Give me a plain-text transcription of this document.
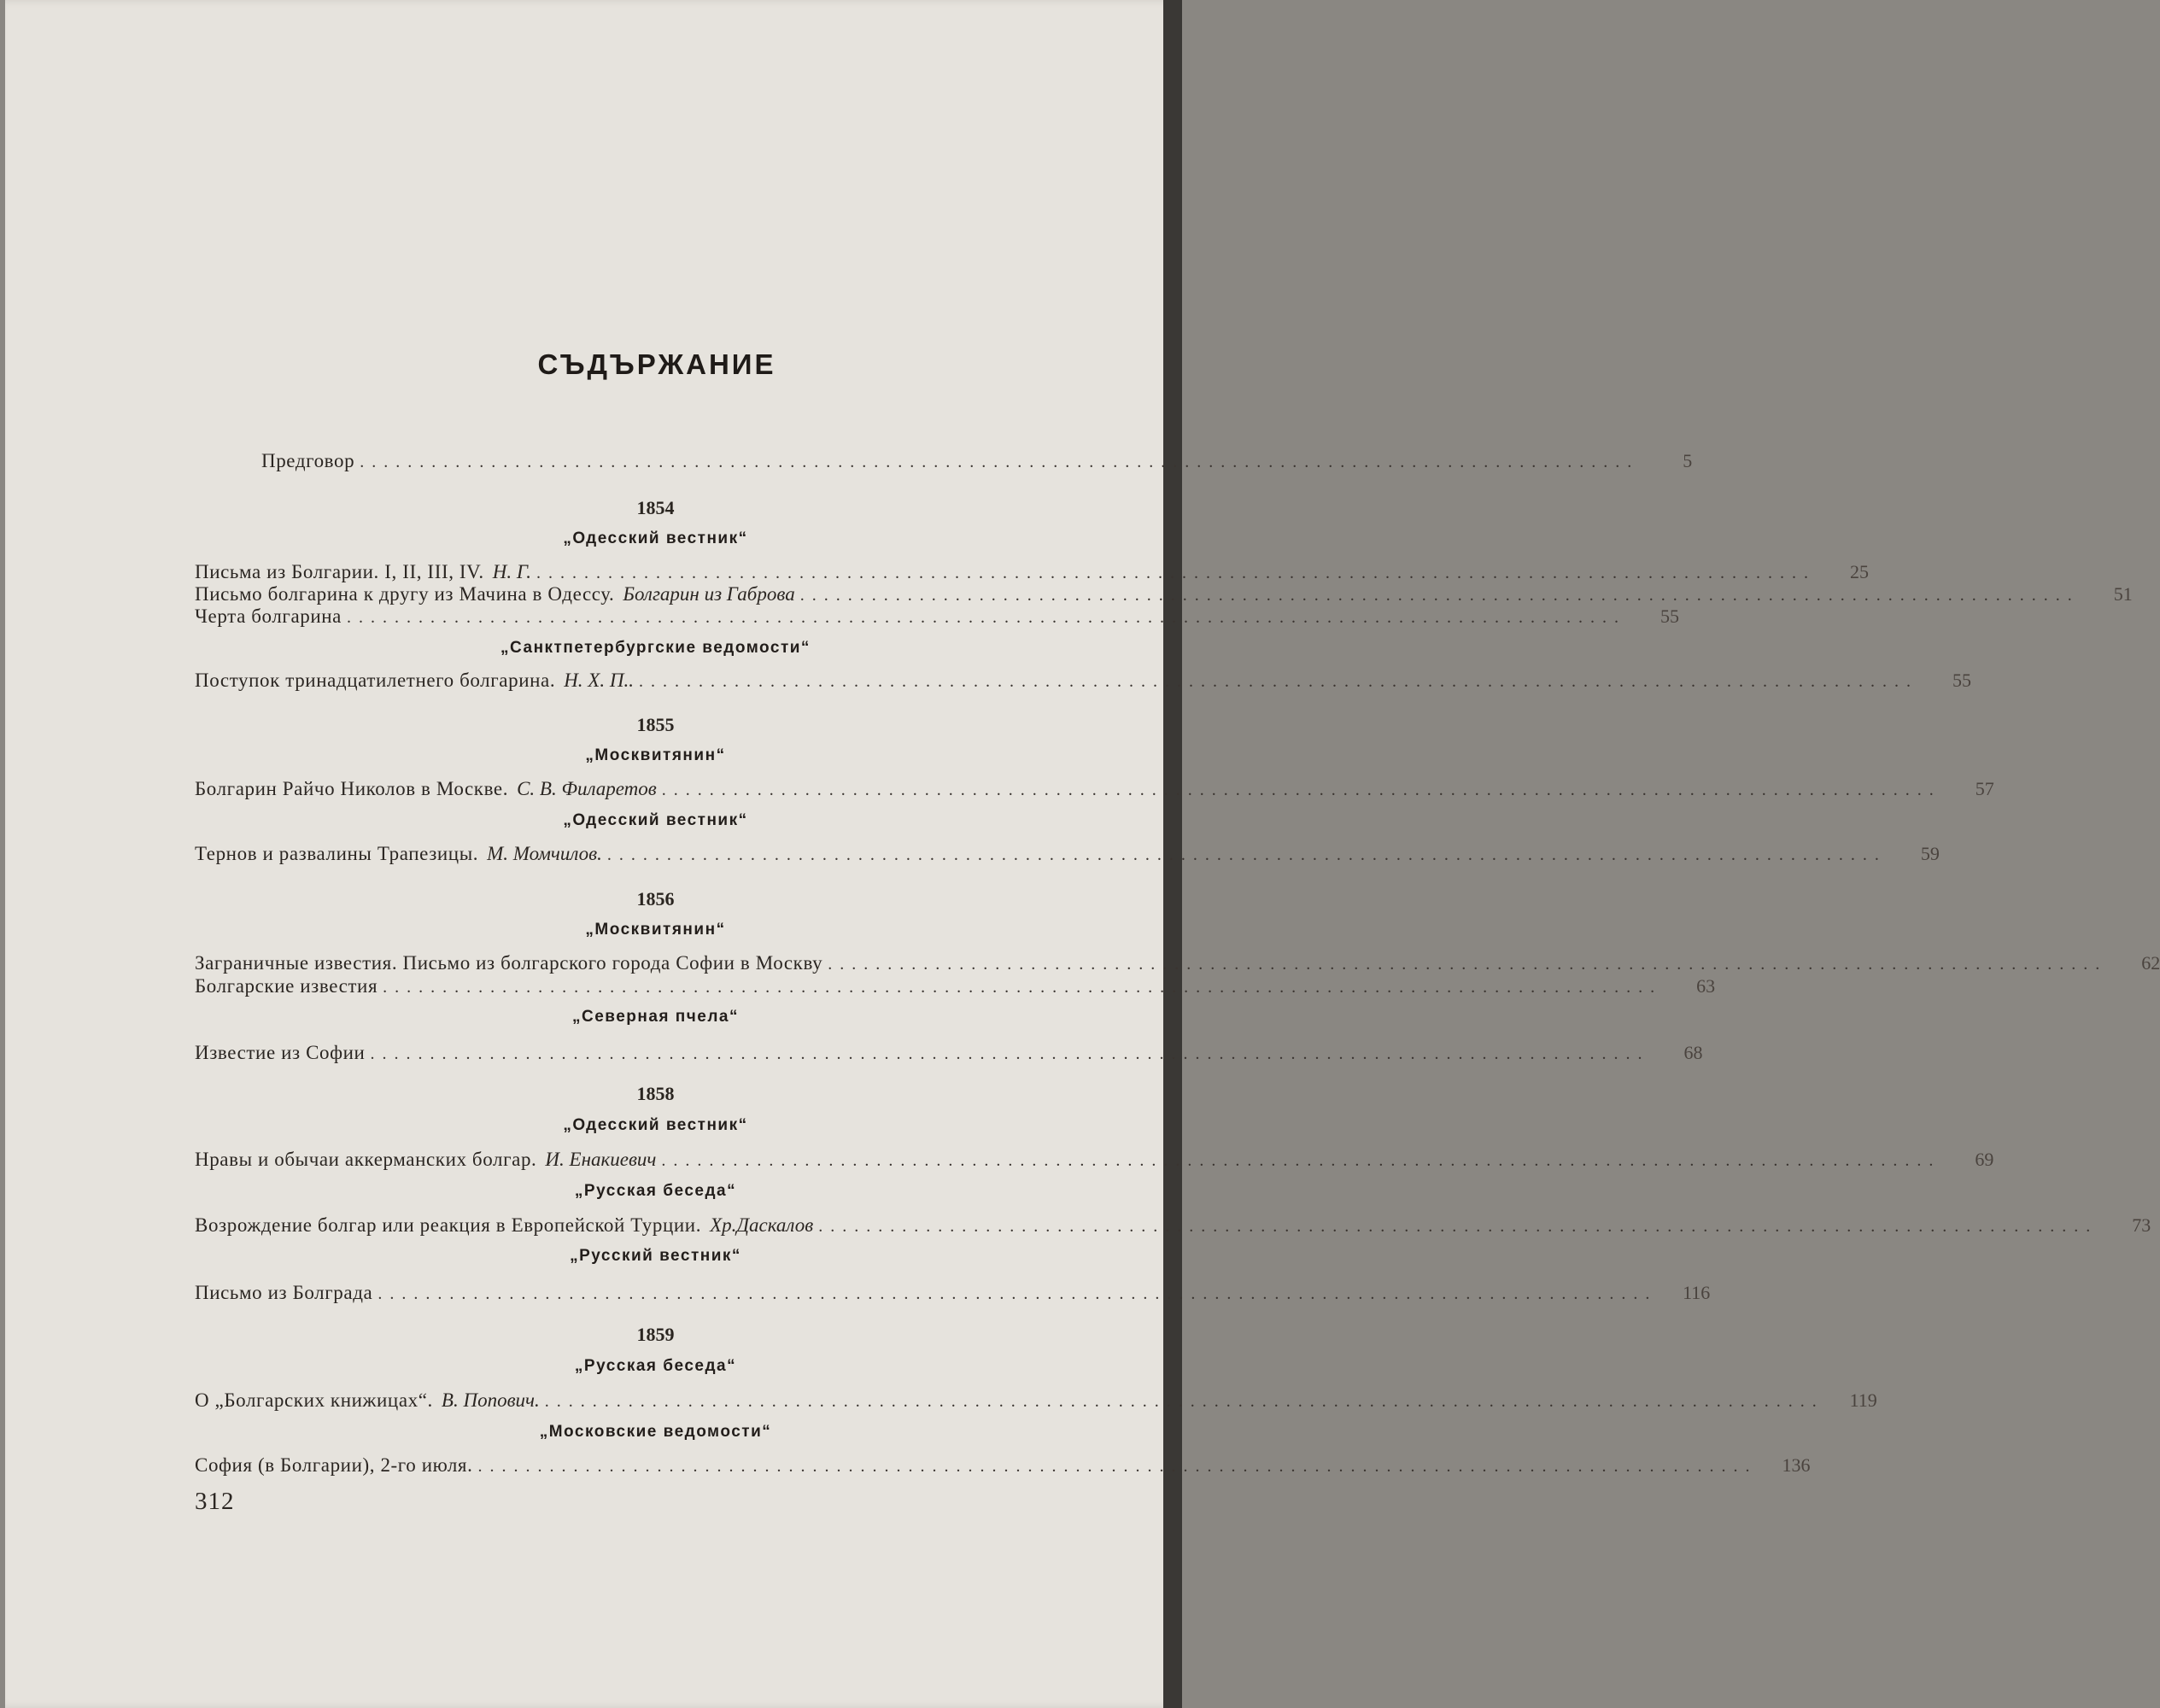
СЪДЪРЖАНИЕ
Предговор ...........................................................................................................	5
1854
„Одесский вестник“
Письма из Болгарии. I, II, III, IV. Н. Г. ...........................................................................................................	25
Письмо болгарина к другу из Мачина в Одессу. Болгарин из Габрова ...........................................................................................................	51
Черта болгарина ...........................................................................................................	55
„Санктпетербургские ведомости“
Поступок тринадцатилетнего болгарина. Н. Х. П.. ...........................................................................................................	55
1855
„Москвитянин“
Болгарин Райчо Николов в Москве. С. В. Филаретов ...........................................................................................................	57
„Одесский вестник“
Тернов и развалины Трапезицы. М. Момчилов. ...........................................................................................................	59
1856
„Москвитянин“
Заграничные известия. Письмо из болгарского города Софии в Москву ...........................................................................................................	62
Болгарские известия ...........................................................................................................	63
„Северная пчела“
Известие из Софии ...........................................................................................................	68
1858
„Одесский вестник“
Нравы и обычаи аккерманских болгар. И. Енакиевич ...........................................................................................................	69
„Русская беседа“
Возрождение болгар или реакция в Европейской Турции. Хр.Даскалов ...........................................................................................................	73
„Русский вестник“
Письмо из Болграда ...........................................................................................................	116
1859
„Русская беседа“
О „Болгарских книжицах“. В. Попович. ...........................................................................................................	119
„Московские ведомости“
София (в Болгарии), 2-го июля. ...........................................................................................................	136
312
